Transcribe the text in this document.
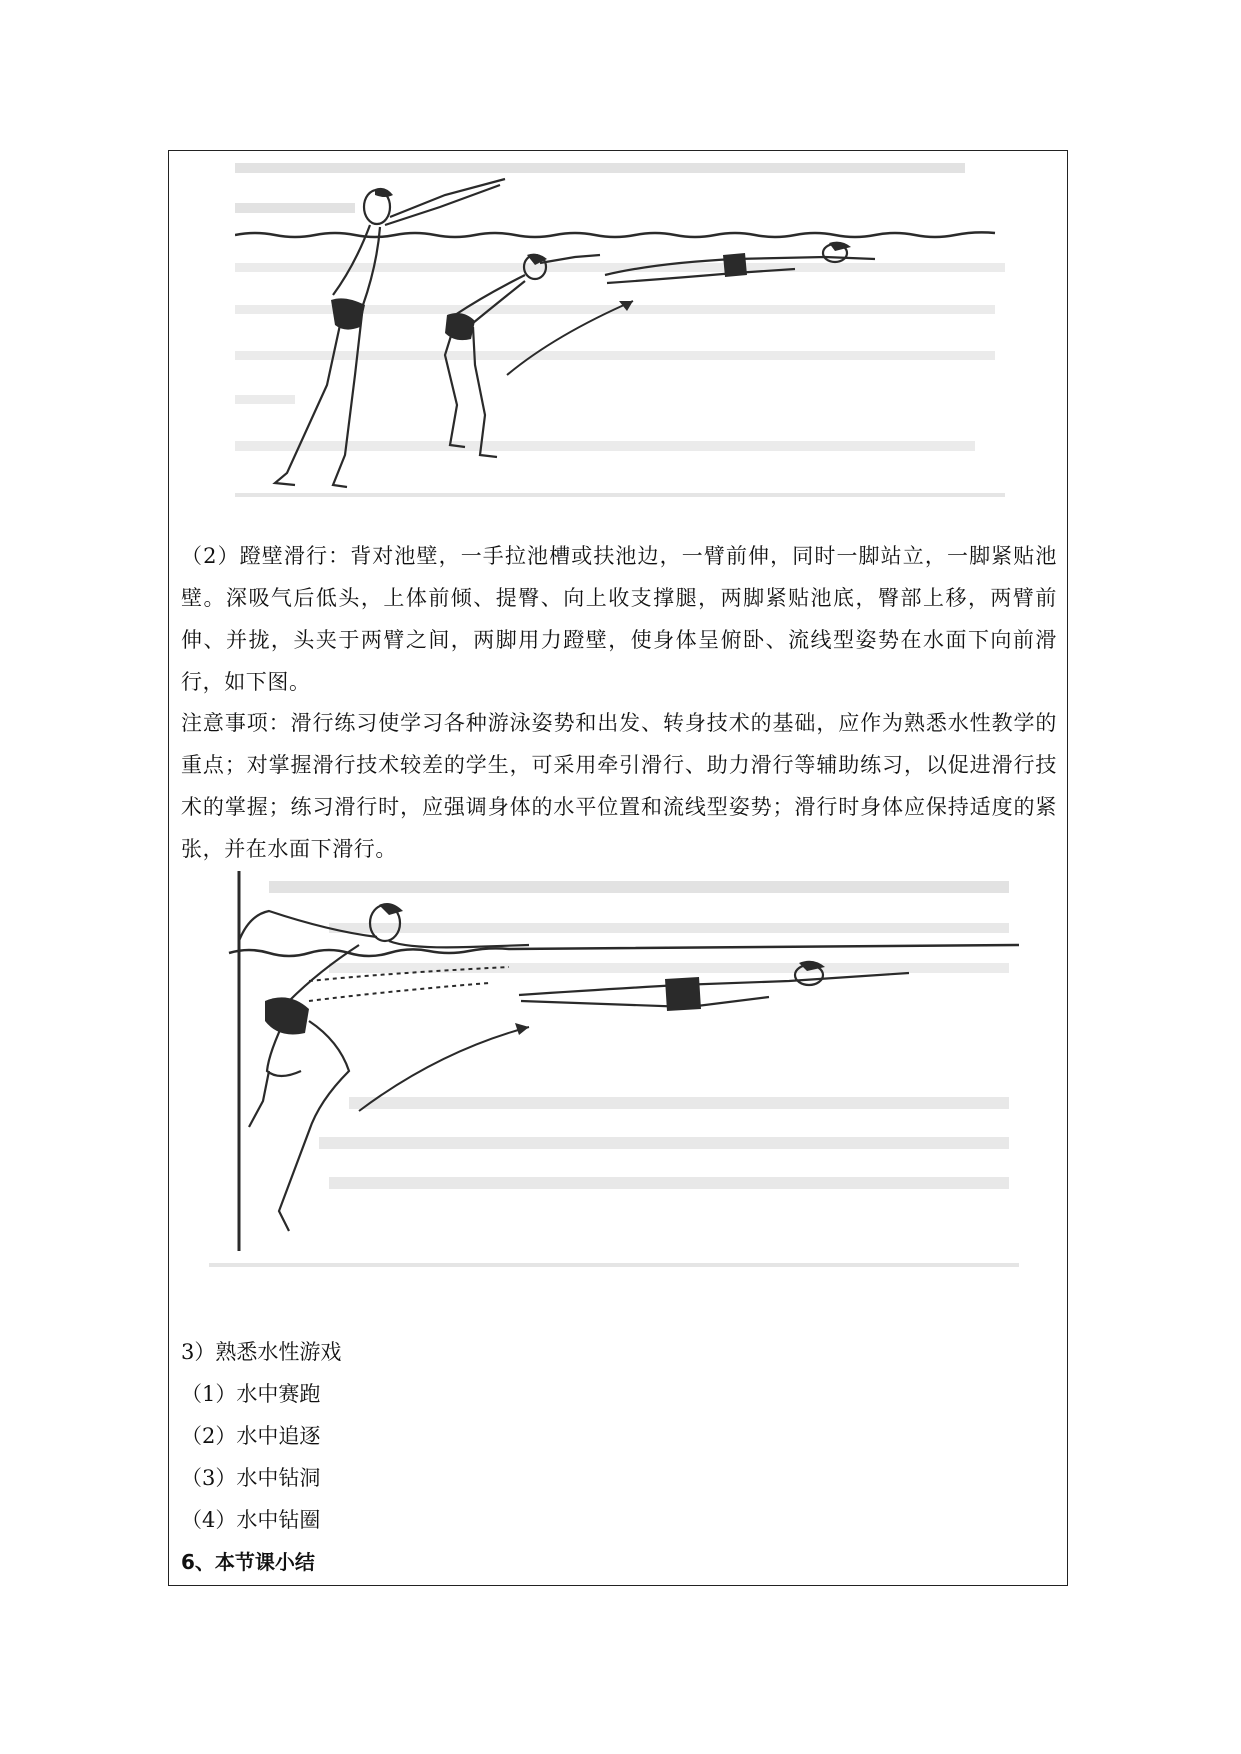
（2）蹬壁滑行：背对池壁，一手拉池槽或扶池边，一臂前伸，同时一脚站立，一脚紧贴池壁。深吸气后低头，上体前倾、提臀、向上收支撑腿，两脚紧贴池底，臀部上移，两臂前伸、并拢，头夹于两臂之间，两脚用力蹬壁，使身体呈俯卧、流线型姿势在水面下向前滑行，如下图。
注意事项：滑行练习使学习各种游泳姿势和出发、转身技术的基础，应作为熟悉水性教学的重点；对掌握滑行技术较差的学生，可采用牵引滑行、助力滑行等辅助练习，以促进滑行技术的掌握；练习滑行时，应强调身体的水平位置和流线型姿势；滑行时身体应保持适度的紧张，并在水面下滑行。
3）熟悉水性游戏
（1）水中赛跑
（2）水中追逐
（3）水中钻洞
（4）水中钻圈
6、本节课小结
